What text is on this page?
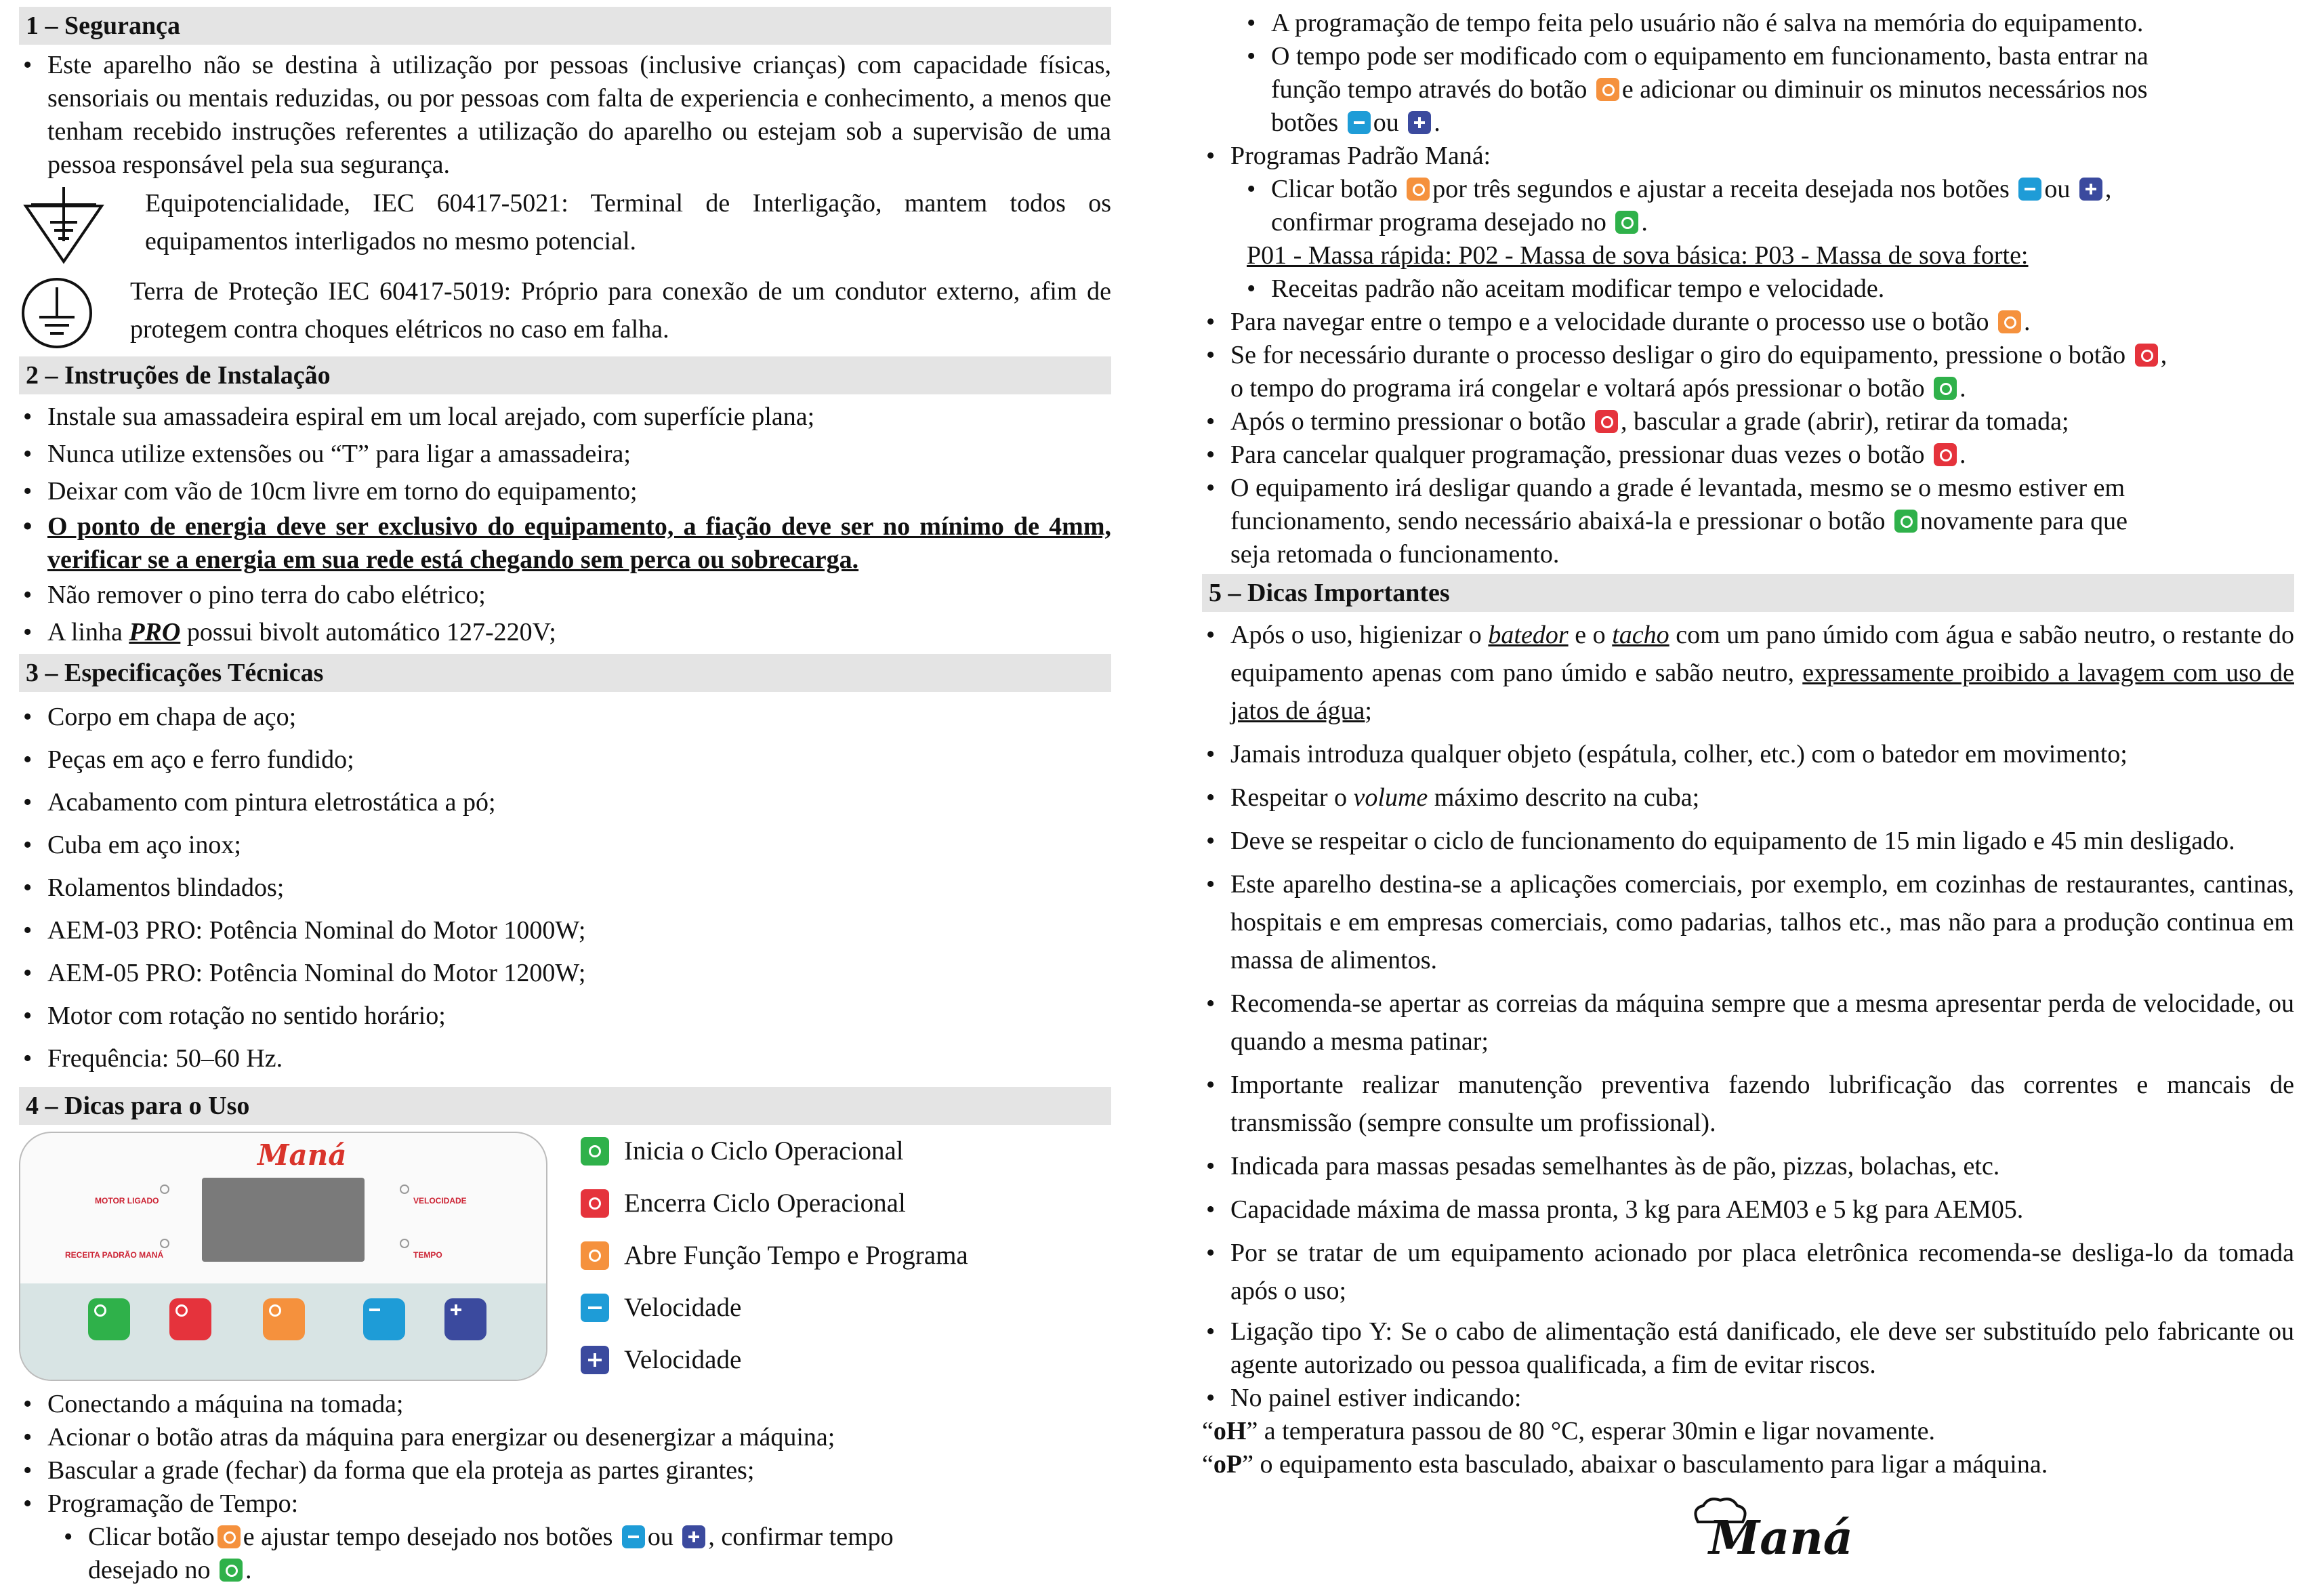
1 – Segurança
• Este aparelho não se destina à utilização por pessoas (inclusive crianças) com capacidade físicas, sensoriais ou mentais reduzidas, ou por pessoas com falta de experiencia e conhecimento, a menos que tenham recebido instruções referentes a utilização do aparelho ou estejam sob a supervisão de uma pessoa responsável pela sua segurança.
Equipotencialidade, IEC 60417-5021: Terminal de Interligação, mantem todos os equipamentos interligados no mesmo potencial.
Terra de Proteção IEC 60417-5019: Próprio para conexão de um condutor externo, afim de protegem contra choques elétricos no caso em falha.
2 – Instruções de Instalação
• Instale sua amassadeira espiral em um local arejado, com superfície plana;
• Nunca utilize extensões ou “T” para ligar a amassadeira;
• Deixar com vão de 10cm livre em torno do equipamento;
• O ponto de energia deve ser exclusivo do equipamento, a fiação deve ser no mínimo de 4mm, verificar se a energia em sua rede está chegando sem perca ou sobrecarga.
• Não remover o pino terra do cabo elétrico;
• A linha PRO possui bivolt automático 127-220V;
3 – Especificações Técnicas
• Corpo em chapa de aço;
• Peças em aço e ferro fundido;
• Acabamento com pintura eletrostática a pó;
• Cuba em aço inox;
• Rolamentos blindados;
• AEM-03 PRO: Potência Nominal do Motor 1000W;
• AEM-05 PRO: Potência Nominal do Motor 1200W;
• Motor com rotação no sentido horário;
• Frequência: 50–60 Hz.
4 – Dicas para o Uso
Maná
MOTOR LIGADO
RECEITA PADRÃO MANÁ
VELOCIDADE
TEMPO
Inicia o Ciclo Operacional
Encerra Ciclo Operacional
Abre Função Tempo e Programa
Velocidade
Velocidade
• Conectando a máquina na tomada;
• Acionar o botão atras da máquina para energizar ou desenergizar a máquina;
• Bascular a grade (fechar) da forma que ela proteja as partes girantes;
• Programação de Tempo:
• Clicar botão e ajustar tempo desejado nos botões ou , confirmar tempo
desejado no .
• A programação de tempo feita pelo usuário não é salva na memória do equipamento.
• O tempo pode ser modificado com o equipamento em funcionamento, basta entrar na
função tempo através do botão e adicionar ou diminuir os minutos necessários nos
botões ou .
• Programas Padrão Maná:
• Clicar botão por três segundos e ajustar a receita desejada nos botões ou ,
confirmar programa desejado no .
P01 - Massa rápida: P02 - Massa de sova básica: P03 - Massa de sova forte:
• Receitas padrão não aceitam modificar tempo e velocidade.
• Para navegar entre o tempo e a velocidade durante o processo use o botão .
• Se for necessário durante o processo desligar o giro do equipamento, pressione o botão ,
o tempo do programa irá congelar e voltará após pressionar o botão .
• Após o termino pressionar o botão , bascular a grade (abrir), retirar da tomada;
• Para cancelar qualquer programação, pressionar duas vezes o botão .
• O equipamento irá desligar quando a grade é levantada, mesmo se o mesmo estiver em
funcionamento, sendo necessário abaixá-la e pressionar o botão novamente para que
seja retomada o funcionamento.
5 – Dicas Importantes
• Após o uso, higienizar o batedor e o tacho com um pano úmido com água e sabão neutro, o restante do equipamento apenas com pano úmido e sabão neutro, expressamente proibido a lavagem com uso de jatos de água;
• Jamais introduza qualquer objeto (espátula, colher, etc.) com o batedor em movimento;
• Respeitar o volume máximo descrito na cuba;
• Deve se respeitar o ciclo de funcionamento do equipamento de 15 min ligado e 45 min desligado.
• Este aparelho destina-se a aplicações comerciais, por exemplo, em cozinhas de restaurantes, cantinas, hospitais e em empresas comerciais, como padarias, talhos etc., mas não para a produção continua em massa de alimentos.
• Recomenda-se apertar as correias da máquina sempre que a mesma apresentar perda de velocidade, ou quando a mesma patinar;
• Importante realizar manutenção preventiva fazendo lubrificação das correntes e mancais de transmissão (sempre consulte um profissional).
• Indicada para massas pesadas semelhantes às de pão, pizzas, bolachas, etc.
• Capacidade máxima de massa pronta, 3 kg para AEM03 e 5 kg para AEM05.
• Por se tratar de um equipamento acionado por placa eletrônica recomenda-se desliga-lo da tomada após o uso;
• Ligação tipo Y: Se o cabo de alimentação está danificado, ele deve ser substituído pelo fabricante ou agente autorizado ou pessoa qualificada, a fim de evitar riscos.
• No painel estiver indicando:
“oH” a temperatura passou de 80 °C, esperar 30min e ligar novamente.
“oP” o equipamento esta basculado, abaixar o basculamento para ligar a máquina.
Maná
